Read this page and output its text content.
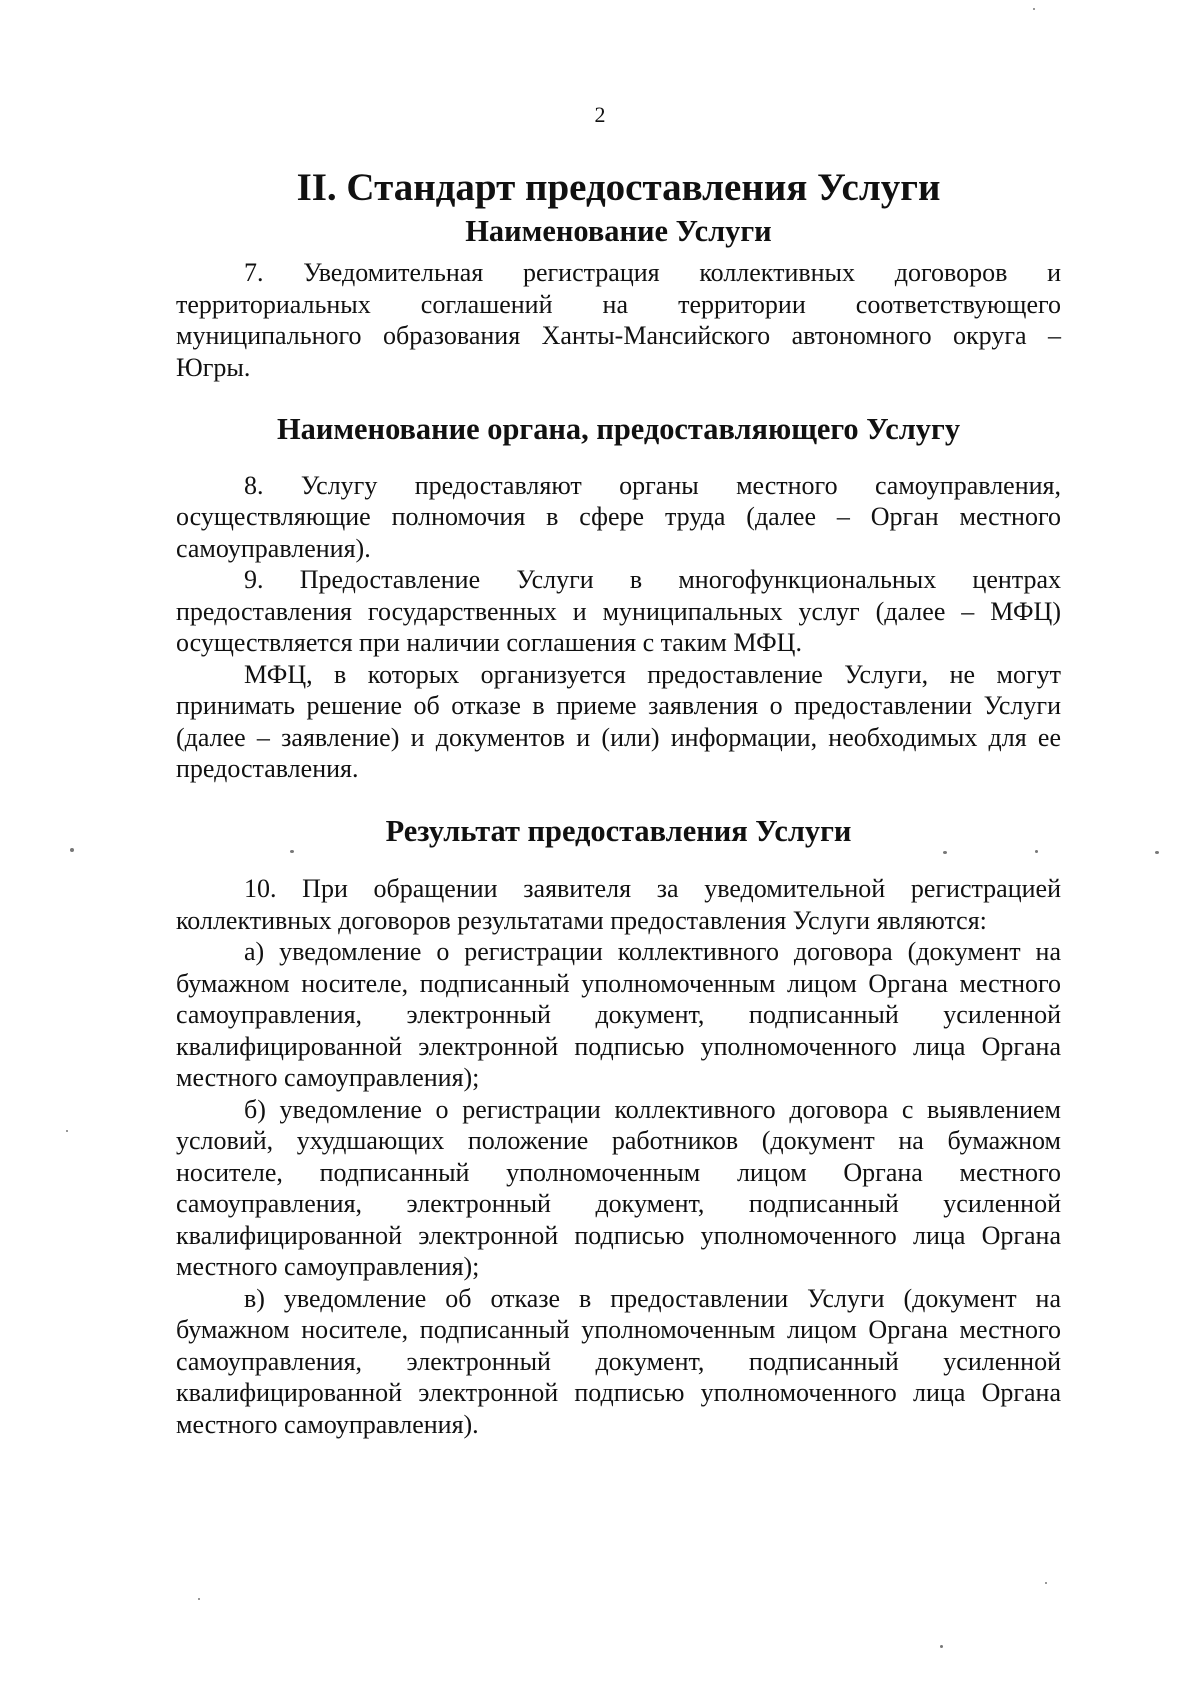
2
II. Стандарт предоставления Услуги
Наименование Услуги

7. Уведомительная регистрация коллективных договоров и территориальных соглашений на территории соответствующего муниципального образования Ханты-Мансийского автономного округа – Югры.

Наименование органа, предоставляющего Услугу

8. Услугу предоставляют органы местного самоуправления, осуществляющие полномочия в сфере труда (далее – Орган местного самоуправления).

9. Предоставление Услуги в многофункциональных центрах предоставления государственных и муниципальных услуг (далее – МФЦ) осуществляется при наличии соглашения с таким МФЦ.

МФЦ, в которых организуется предоставление Услуги, не могут принимать решение об отказе в приеме заявления о предоставлении Услуги (далее – заявление) и документов и (или) информации, необходимых для ее предоставления.

Результат предоставления Услуги

10. При обращении заявителя за уведомительной регистрацией коллективных договоров результатами предоставления Услуги являются:

а) уведомление о регистрации коллективного договора (документ на бумажном носителе, подписанный уполномоченным лицом Органа местного самоуправления, электронный документ, подписанный усиленной квалифицированной электронной подписью уполномоченного лица Органа местного самоуправления);

б) уведомление о регистрации коллективного договора с выявлением условий, ухудшающих положение работников (документ на бумажном носителе, подписанный уполномоченным лицом Органа местного самоуправления, электронный документ, подписанный усиленной квалифицированной электронной подписью уполномоченного лица Органа местного самоуправления);

в) уведомление об отказе в предоставлении Услуги (документ на бумажном носителе, подписанный уполномоченным лицом Органа местного самоуправления, электронный документ, подписанный усиленной квалифицированной электронной подписью уполномоченного лица Органа местного самоуправления).
